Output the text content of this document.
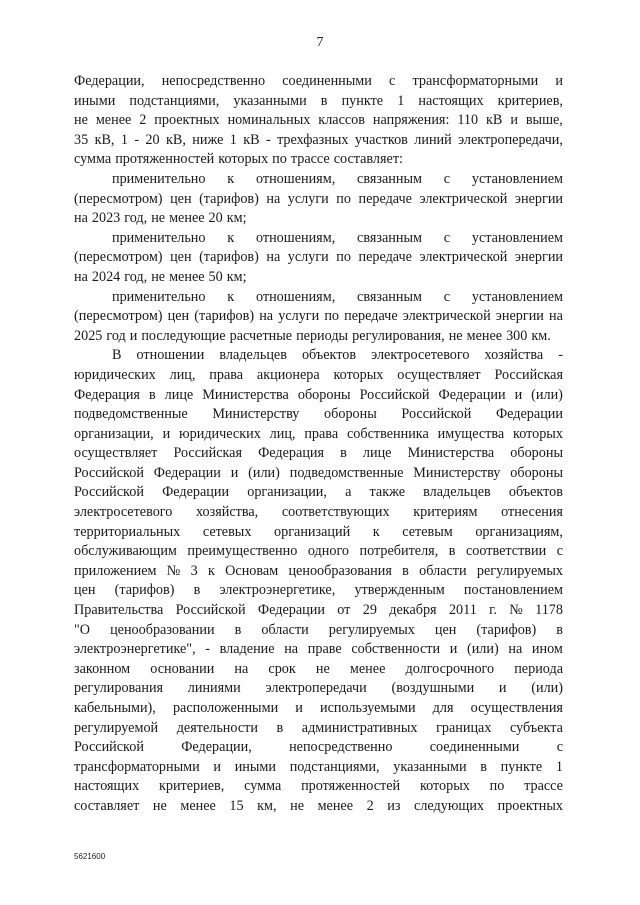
7
Федерации, непосредственно соединенными с трансформаторными и
иными подстанциями, указанными в пункте 1 настоящих критериев,
не менее 2 проектных номинальных классов напряжения: 110 кВ и выше,
35 кВ, 1 - 20 кВ, ниже 1 кВ - трехфазных участков линий электропередачи,
сумма протяженностей которых по трассе составляет:
применительно к отношениям, связанным с установлением
(пересмотром) цен (тарифов) на услуги по передаче электрической энергии
на 2023 год, не менее 20 км;
применительно к отношениям, связанным с установлением
(пересмотром) цен (тарифов) на услуги по передаче электрической энергии
на 2024 год, не менее 50 км;
применительно к отношениям, связанным с установлением
(пересмотром) цен (тарифов) на услуги по передаче электрической энергии на
2025 год и последующие расчетные периоды регулирования, не менее 300 км.
В отношении владельцев объектов электросетевого хозяйства -
юридических лиц, права акционера которых осуществляет Российская
Федерация в лице Министерства обороны Российской Федерации и (или)
подведомственные Министерству обороны Российской Федерации
организации, и юридических лиц, права собственника имущества которых
осуществляет Российская Федерация в лице Министерства обороны
Российской Федерации и (или) подведомственные Министерству обороны
Российской Федерации организации, а также владельцев объектов
электросетевого хозяйства, соответствующих критериям отнесения
территориальных сетевых организаций к сетевым организациям,
обслуживающим преимущественно одного потребителя, в соответствии с
приложением № 3 к Основам ценообразования в области регулируемых
цен (тарифов) в электроэнергетике, утвержденным постановлением
Правительства Российской Федерации от 29 декабря 2011 г. № 1178
"О ценообразовании в области регулируемых цен (тарифов) в
электроэнергетике", - владение на праве собственности и (или) на ином
законном основании на срок не менее долгосрочного периода
регулирования линиями электропередачи (воздушными и (или)
кабельными), расположенными и используемыми для осуществления
регулируемой деятельности в административных границах субъекта
Российской	Федерации,	непосредственно	соединенными	с
трансформаторными и иными подстанциями, указанными в пункте 1
настоящих критериев, сумма протяженностей которых по трассе
составляет не менее 15 км, не менее 2 из следующих проектных
5621600
